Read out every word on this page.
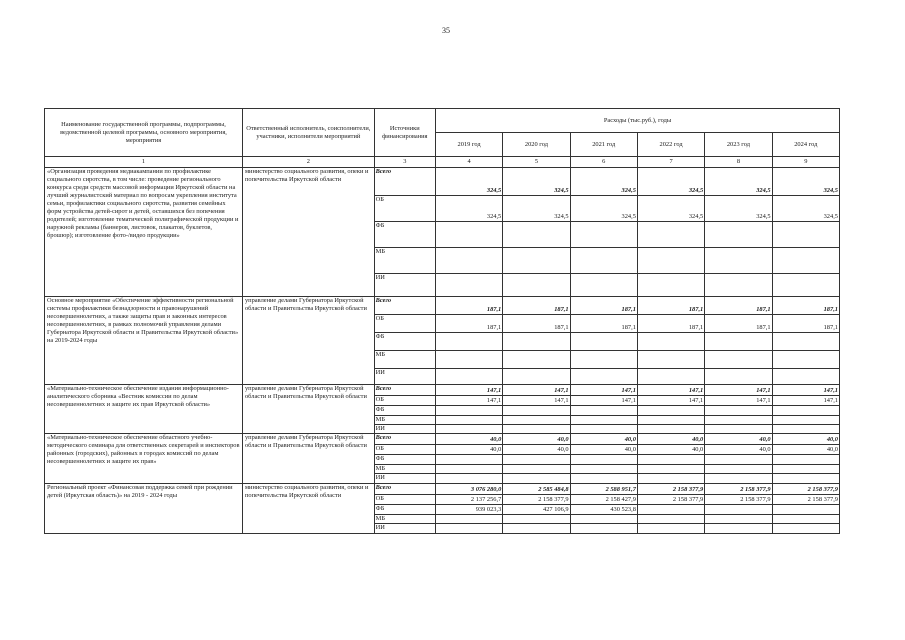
35
Наименование государственной программы, подпрограммы, ведомственной целевой программы, основного мероприятия, мероприятия	Ответственный исполнитель, соисполнители, участники, исполнители мероприятий	Источники финансирования	Расходы (тыс.руб.), годы					
			2019 год	2020 год	2021 год	2022 год	2023 год	2024 год
1	2	3	4	5	6	7	8	9
«Организация проведения медиакампании по профилактике социального сиротства, в том числе: проведение регионального конкурса среди средств массовой информации Иркутской области на лучший журналистский материал по вопросам укрепления института семьи, профилактики социального сиротства, развития семейных форм устройства детей-сирот и детей, оставшихся без попечения родителей; изготовление тематической полиграфической продукции и наружной рекламы (баннеров, листовок, плакатов, буклетов, брошюр); изготовление фото-/видео продукции»	министерство социального развития, опеки и попечительства Иркутской области	Всего	324,5	324,5	324,5	324,5	324,5	324,5
		ОБ	324,5	324,5	324,5	324,5	324,5	324,5
		ФБ						
		МБ						
		ИИ						
Основное мероприятие «Обеспечение эффективности региональной системы профилактики безнадзорности и правонарушений несовершеннолетних, а также защиты прав и законных интересов несовершеннолетних, в рамках полномочий управления делами Губернатора Иркутской области и Правительства Иркутской области» на 2019-2024 годы	управление делами Губернатора Иркутской области и Правительства Иркутской области	Всего	187,1	187,1	187,1	187,1	187,1	187,1
		ОБ	187,1	187,1	187,1	187,1	187,1	187,1
		ФБ						
		МБ						
		ИИ						
«Материально-техническое обеспечение издания информационно-аналитического сборника «Вестник комиссии по делам несовершеннолетних и защите их прав Иркутской области»	управление делами Губернатора Иркутской области и Правительства Иркутской области	Всего	147,1	147,1	147,1	147,1	147,1	147,1
		ОБ	147,1	147,1	147,1	147,1	147,1	147,1
		ФБ						
		МБ						
		ИИ						
«Материально-техническое обеспечение областного учебно-методического семинара для ответственных секретарей и инспекторов районных (городских), районных в городах комиссий по делам несовершеннолетних и защите их прав»	управление делами Губернатора Иркутской области и Правительства Иркутской области	Всего	40,0	40,0	40,0	40,0	40,0	40,0
		ОБ	40,0	40,0	40,0	40,0	40,0	40,0
		ФБ						
		МБ						
		ИИ						
Региональный проект «Финансовая поддержка семей при рождении детей (Иркутская область)» на 2019 - 2024 годы	министерство социального развития, опеки и попечительства Иркутской области	Всего	3 076 280,0	2 585 484,8	2 588 951,7	2 158 377,9	2 158 377,9	2 158 377,9
		ОБ	2 137 256,7	2 158 377,9	2 158 427,9	2 158 377,9	2 158 377,9	2 158 377,9
		ФБ	939 023,3	427 106,9	430 523,8			
		МБ						
		ИИ						
